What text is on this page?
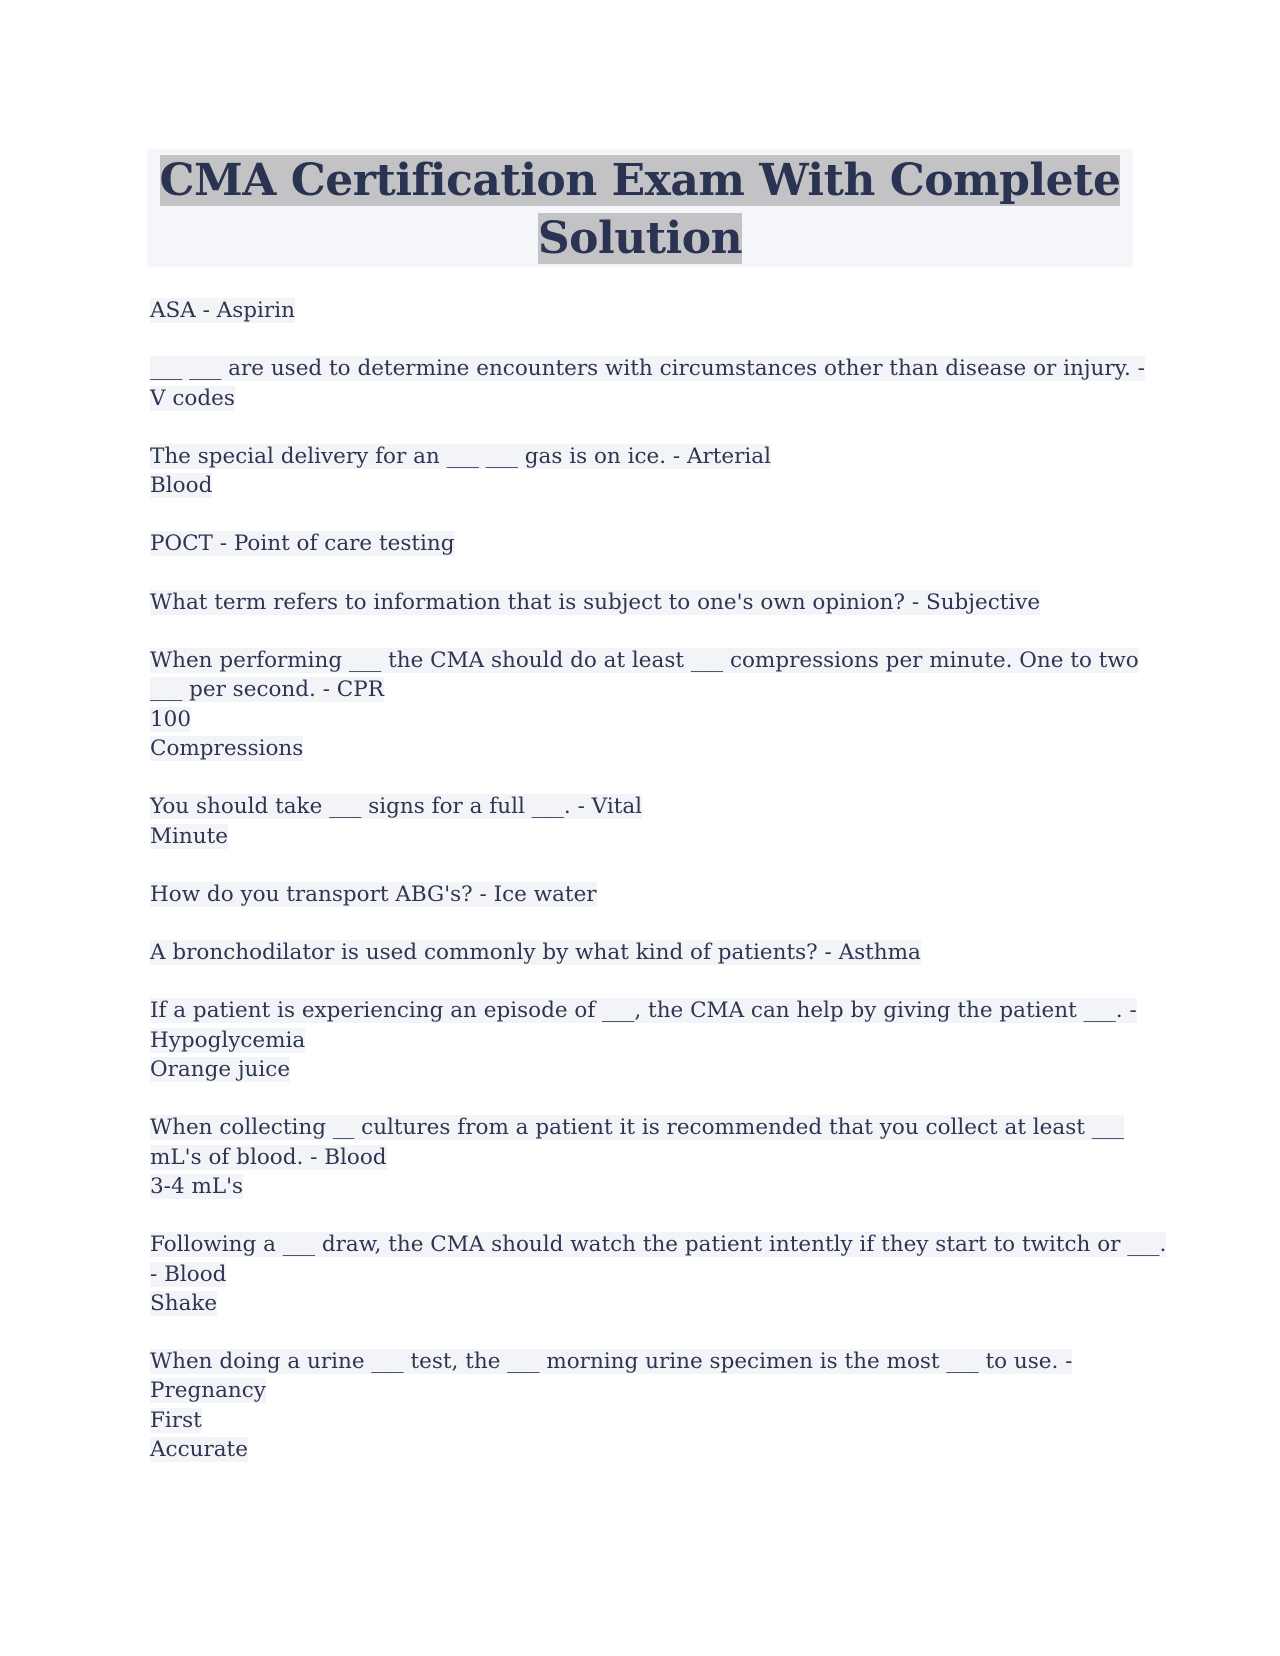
CMA Certification Exam With Complete
Solution
ASA - Aspirin
___ ___ are used to determine encounters with circumstances other than disease or injury. -
V codes
The special delivery for an ___ ___ gas is on ice. - Arterial
Blood
POCT - Point of care testing
What term refers to information that is subject to one's own opinion? - Subjective
When performing ___ the CMA should do at least ___ compressions per minute. One to two
___ per second. - CPR
100
Compressions
You should take ___ signs for a full ___. - Vital
Minute
How do you transport ABG's? - Ice water
A bronchodilator is used commonly by what kind of patients? - Asthma
If a patient is experiencing an episode of ___, the CMA can help by giving the patient ___. -
Hypoglycemia
Orange juice
When collecting __ cultures from a patient it is recommended that you collect at least ___
mL's of blood. - Blood
3-4 mL's
Following a ___ draw, the CMA should watch the patient intently if they start to twitch or ___.
- Blood
Shake
When doing a urine ___ test, the ___ morning urine specimen is the most ___ to use. -
Pregnancy
First
Accurate
